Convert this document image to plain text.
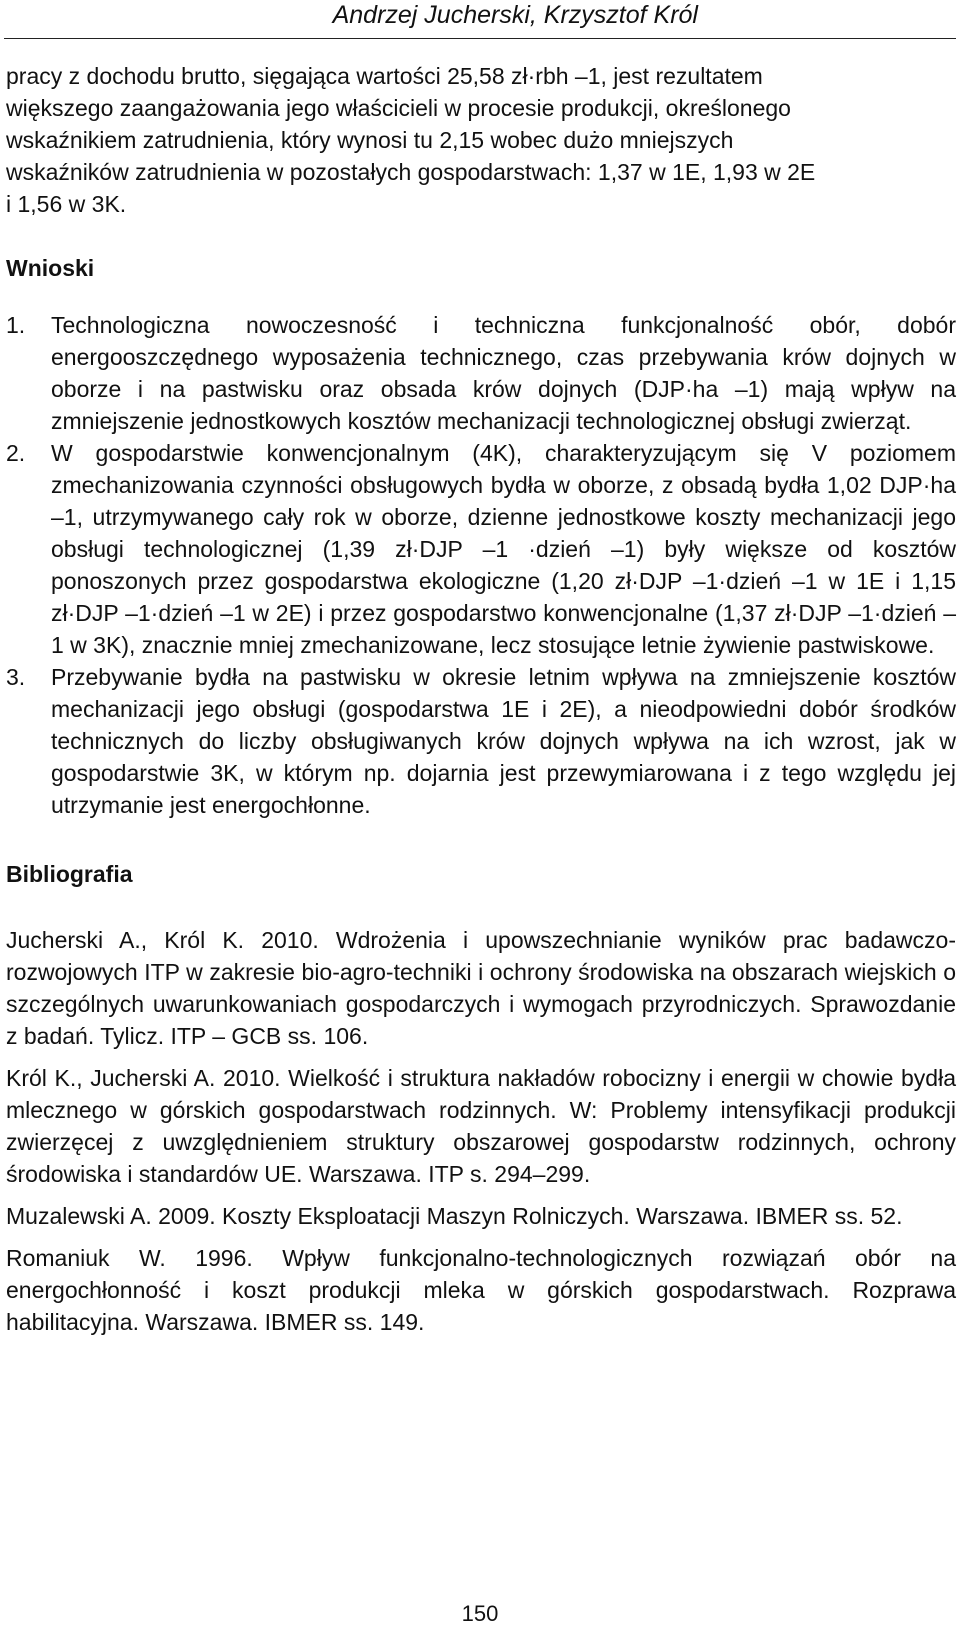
Andrzej Jucherski, Krzysztof Król
pracy z dochodu brutto, sięgająca wartości 25,58 zł·rbh –1, jest rezultatem
większego zaangażowania jego właścicieli w procesie produkcji, określonego
wskaźnikiem zatrudnienia, który wynosi tu 2,15 wobec dużo mniejszych
wskaźników zatrudnienia w pozostałych gospodarstwach: 1,37 w 1E, 1,93 w 2E
i 1,56 w 3K.
Wnioski
1. Technologiczna nowoczesność i techniczna funkcjonalność obór, dobór energooszczędnego wyposażenia technicznego, czas przebywania krów dojnych w oborze i na pastwisku oraz obsada krów dojnych (DJP·ha –1) mają wpływ na zmniejszenie jednostkowych kosztów mechanizacji technologicznej obsługi zwierząt.
2. W gospodarstwie konwencjonalnym (4K), charakteryzującym się V poziomem zmechanizowania czynności obsługowych bydła w oborze, z obsadą bydła 1,02 DJP·ha –1, utrzymywanego cały rok w oborze, dzienne jednostkowe koszty mechanizacji jego obsługi technologicznej (1,39 zł·DJP –1 ·dzień –1) były większe od kosztów ponoszonych przez gospodarstwa ekologiczne (1,20 zł·DJP –1·dzień –1 w 1E i 1,15 zł·DJP –1·dzień –1 w 2E) i przez gospodarstwo konwencjonalne (1,37 zł·DJP –1·dzień –1 w 3K), znacznie mniej zmechanizowane, lecz stosujące letnie żywienie pastwiskowe.
3. Przebywanie bydła na pastwisku w okresie letnim wpływa na zmniejszenie kosztów mechanizacji jego obsługi (gospodarstwa 1E i 2E), a nieodpowiedni dobór środków technicznych do liczby obsługiwanych krów dojnych wpływa na ich wzrost, jak w gospodarstwie 3K, w którym np. dojarnia jest przewymiarowana i z tego względu jej utrzymanie jest energochłonne.
Bibliografia
Jucherski A., Król K. 2010. Wdrożenia i upowszechnianie wyników prac badawczo-rozwojowych ITP w zakresie bio-agro-techniki i ochrony środowiska na obszarach wiejskich o szczególnych uwarunkowaniach gospodarczych i wymogach przyrodniczych. Sprawozdanie z badań. Tylicz. ITP – GCB ss. 106.
Król K., Jucherski A. 2010. Wielkość i struktura nakładów robocizny i energii w chowie bydła mlecznego w górskich gospodarstwach rodzinnych. W: Problemy intensyfikacji produkcji zwierzęcej z uwzględnieniem struktury obszarowej gospodarstw rodzinnych, ochrony środowiska i standardów UE. Warszawa. ITP s. 294–299.
Muzalewski A. 2009. Koszty Eksploatacji Maszyn Rolniczych. Warszawa. IBMER ss. 52.
Romaniuk W. 1996. Wpływ funkcjonalno-technologicznych rozwiązań obór na energochłonność i koszt produkcji mleka w górskich gospodarstwach. Rozprawa habilitacyjna. Warszawa. IBMER ss. 149.
150
